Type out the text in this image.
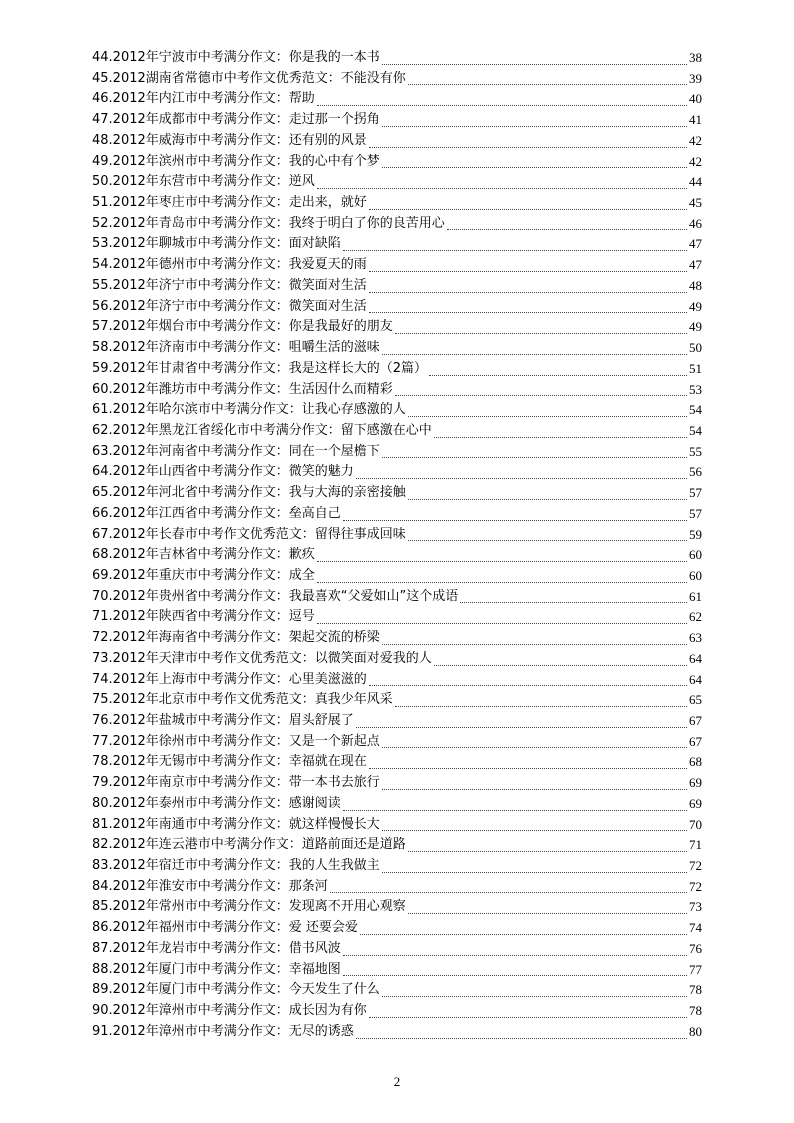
44.2012年宁波市中考满分作文：你是我的一本书	38
45.2012湖南省常德市中考作文优秀范文：不能没有你	39
46.2012年内江市中考满分作文：帮助	40
47.2012年成都市中考满分作文：走过那一个拐角	41
48.2012年威海市中考满分作文：还有别的风景	42
49.2012年滨州市中考满分作文：我的心中有个梦	42
50.2012年东营市中考满分作文：逆风	44
51.2012年枣庄市中考满分作文：走出来，就好	45
52.2012年青岛市中考满分作文：我终于明白了你的良苦用心	46
53.2012年聊城市中考满分作文：面对缺陷	47
54.2012年德州市中考满分作文：我爱夏天的雨	47
55.2012年济宁市中考满分作文：微笑面对生活	48
56.2012年济宁市中考满分作文：微笑面对生活	49
57.2012年烟台市中考满分作文：你是我最好的朋友	49
58.2012年济南市中考满分作文：咀嚼生活的滋味	50
59.2012年甘肃省中考满分作文：我是这样长大的（2篇）	51
60.2012年潍坊市中考满分作文：生活因什么而精彩	53
61.2012年哈尔滨市中考满分作文：让我心存感激的人	54
62.2012年黑龙江省绥化市中考满分作文：留下感激在心中	54
63.2012年河南省中考满分作文：同在一个屋檐下	55
64.2012年山西省中考满分作文：微笑的魅力	56
65.2012年河北省中考满分作文：我与大海的亲密接触	57
66.2012年江西省中考满分作文：垒高自己	57
67.2012年长春市中考作文优秀范文：留得往事成回味	59
68.2012年吉林省中考满分作文：歉疚	60
69.2012年重庆市中考满分作文：成全	60
70.2012年贵州省中考满分作文：我最喜欢“父爱如山”这个成语	61
71.2012年陕西省中考满分作文：逗号	62
72.2012年海南省中考满分作文：架起交流的桥梁	63
73.2012年天津市中考作文优秀范文：以微笑面对爱我的人	64
74.2012年上海市中考满分作文：心里美滋滋的	64
75.2012年北京市中考作文优秀范文：真我少年风采	65
76.2012年盐城市中考满分作文：眉头舒展了	67
77.2012年徐州市中考满分作文：又是一个新起点	67
78.2012年无锡市中考满分作文：幸福就在现在	68
79.2012年南京市中考满分作文：带一本书去旅行	69
80.2012年泰州市中考满分作文：感谢阅读	69
81.2012年南通市中考满分作文：就这样慢慢长大	70
82.2012年连云港市中考满分作文：道路前面还是道路	71
83.2012年宿迁市中考满分作文：我的人生我做主	72
84.2012年淮安市中考满分作文：那条河	72
85.2012年常州市中考满分作文：发现离不开用心观察	73
86.2012年福州市中考满分作文：爱 还要会爱	74
87.2012年龙岩市中考满分作文：借书风波	76
88.2012年厦门市中考满分作文：幸福地图	77
89.2012年厦门市中考满分作文：今天发生了什么	78
90.2012年漳州市中考满分作文：成长因为有你	78
91.2012年漳州市中考满分作文：无尽的诱惑	80
2
